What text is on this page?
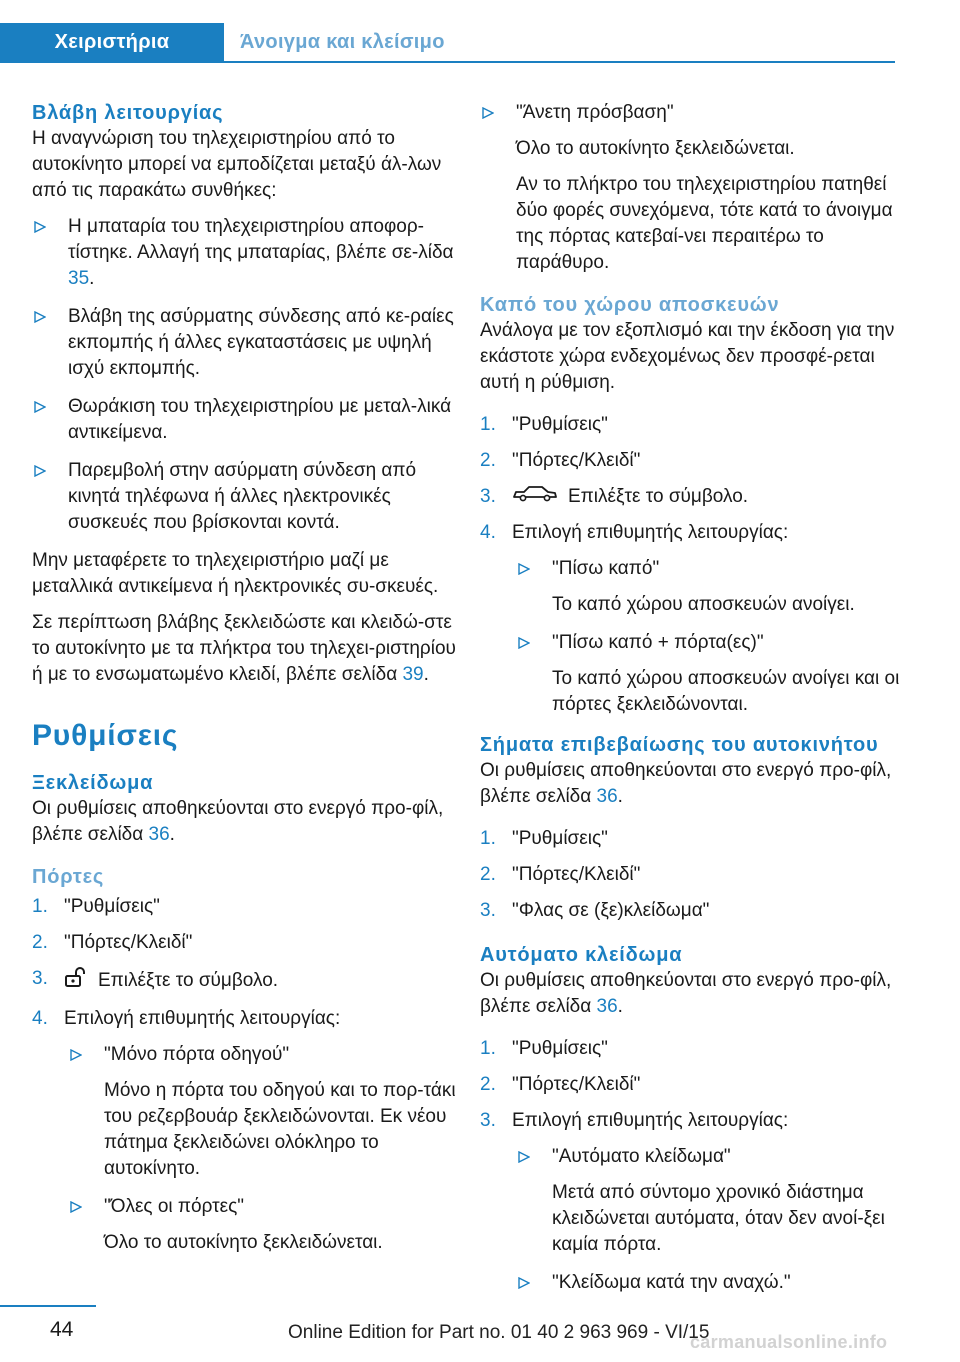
Χειριστήρια	Άνοιγμα και κλείσιμο
Βλάβη λειτουργίας
Η αναγνώριση του τηλεχειριστηρίου από το αυτοκίνητο μπορεί να εμποδίζεται μεταξύ άλ-λων από τις παρακάτω συνθήκες:
Η μπαταρία του τηλεχειριστηρίου αποφορ-τίστηκε. Αλλαγή της μπαταρίας, βλέπε σε-λίδα 35.
Βλάβη της ασύρματης σύνδεσης από κε-ραίες εκπομπής ή άλλες εγκαταστάσεις με υψηλή ισχύ εκπομπής.
Θωράκιση του τηλεχειριστηρίου με μεταλ-λικά αντικείμενα.
Παρεμβολή στην ασύρματη σύνδεση από κινητά τηλέφωνα ή άλλες ηλεκτρονικές συσκευές που βρίσκονται κοντά.
Μην μεταφέρετε το τηλεχειριστήριο μαζί με μεταλλικά αντικείμενα ή ηλεκτρονικές συ-σκευές.
Σε περίπτωση βλάβης ξεκλειδώστε και κλειδώ-στε το αυτοκίνητο με τα πλήκτρα του τηλεχει-ριστηρίου ή με το ενσωματωμένο κλειδί, βλέπε σελίδα 39.
Ρυθμίσεις
Ξεκλείδωμα
Οι ρυθμίσεις αποθηκεύονται στο ενεργό προ-φίλ, βλέπε σελίδα 36.
Πόρτες
1. "Ρυθμίσεις"
2. "Πόρτες/Κλειδί"
3.	Επιλέξτε το σύμβολο.
4. Επιλογή επιθυμητής λειτουργίας:
"Μόνο πόρτα οδηγού"
Μόνο η πόρτα του οδηγού και το πορ-τάκι του ρεζερβουάρ ξεκλειδώνονται. Εκ νέου πάτημα ξεκλειδώνει ολόκληρο το αυτοκίνητο.
"Όλες οι πόρτες"
Όλο το αυτοκίνητο ξεκλειδώνεται.
"Άνετη πρόσβαση"
Όλο το αυτοκίνητο ξεκλειδώνεται.
Αν το πλήκτρο του τηλεχειριστηρίου πατηθεί δύο φορές συνεχόμενα, τότε κατά το άνοιγμα της πόρτας κατεβαί-νει περαιτέρω το παράθυρο.
Καπό του χώρου αποσκευών
Ανάλογα με τον εξοπλισμό και την έκδοση για την εκάστοτε χώρα ενδεχομένως δεν προσφέ-ρεται αυτή η ρύθμιση.
1. "Ρυθμίσεις"
2. "Πόρτες/Κλειδί"
3.	Επιλέξτε το σύμβολο.
4. Επιλογή επιθυμητής λειτουργίας:
"Πίσω καπό"
Το καπό χώρου αποσκευών ανοίγει.
"Πίσω καπό + πόρτα(ες)"
Το καπό χώρου αποσκευών ανοίγει και οι πόρτες ξεκλειδώνονται.
Σήματα επιβεβαίωσης του αυτοκινήτου
Οι ρυθμίσεις αποθηκεύονται στο ενεργό προ-φίλ, βλέπε σελίδα 36.
1. "Ρυθμίσεις"
2. "Πόρτες/Κλειδί"
3. "Φλας σε (ξε)κλείδωμα"
Αυτόματο κλείδωμα
Οι ρυθμίσεις αποθηκεύονται στο ενεργό προ-φίλ, βλέπε σελίδα 36.
1. "Ρυθμίσεις"
2. "Πόρτες/Κλειδί"
3. Επιλογή επιθυμητής λειτουργίας:
"Αυτόματο κλείδωμα"
Μετά από σύντομο χρονικό διάστημα κλειδώνεται αυτόματα, όταν δεν ανοί-ξει καμία πόρτα.
"Κλείδωμα κατά την αναχώ."
44	Online Edition for Part no. 01 40 2 963 969 - VI/15
carmanualsonline.info
